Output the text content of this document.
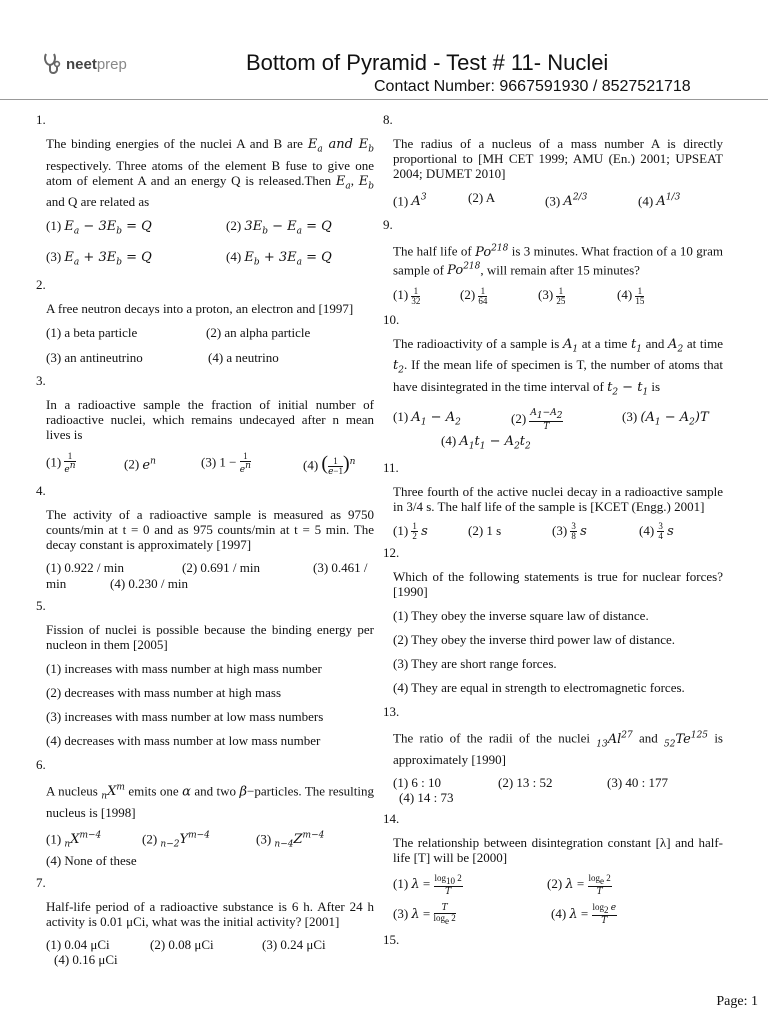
neetprep	Bottom of Pyramid - Test # 11- Nuclei
Contact Number: 9667591930 / 8527521718
1.
The binding energies of the nuclei A and B are $E_a$ and $E_b$ respectively. Three atoms of the element B fuse to give one atom of element A and an energy Q is released.Then $E_a$, $E_b$ and Q are related as
(1) $E_a - 3E_b = Q$	(2) $3E_b - E_a = Q$
(3) $E_a + 3E_b = Q$	(4) $E_b + 3E_a = Q$
2.
A free neutron decays into a proton, an electron and [1997]
(1) a beta particle	(2) an alpha particle
(3) an antineutrino	(4) a neutrino
3.
In a radioactive sample the fraction of initial number of radioactive nuclei, which remains undecayed after n mean lives is
$(1) \frac{1}{e^n}$	(2) $e^n$	(3) $1 - \frac{1}{e^n}$	(4) ( $\frac{1}{e-1} )^n$
4.
The activity of a radioactive sample is measured as 9750 counts/min at t = 0 and as 975 counts/min at t = 5 min. The decay constant is approximately [1997]
(1) 0.922 / min	(2) 0.691 / min	(3) 0.461 /
min	(4) 0.230 / min
5.
Fission of nuclei is possible because the binding energy per nucleon in them [2005]
(1) increases with mass number at high mass number
(2) decreases with mass number at high mass
(3) increases with mass number at low mass numbers
(4) decreases with mass number at low mass number
6.
A nucleus $_nX^m$ emits one α and two β−particles. The resulting nucleus is [1998]
(1) $_nX^{m-4}$	(2) $_{n-2}Y^{m-4}$	(3) $_{n-4}Z^{m-4}$
(4) None of these
7.
Half-life period of a radioactive substance is 6 h. After 24 h activity is 0.01 μCi, what was the initial activity? [2001]
(1) 0.04 μCi	(2) 0.08 μCi	(3) 0.24 μCi
(4) 0.16 μCi
8.
The radius of a nucleus of a mass number A is directly proportional to [MH CET 1999; AMU (En.) 2001; UPSEAT 2004; DUMET 2010]
(1) $A^3$	(2) A	(3) $A^{2/3}$	(4) $A^{1/3}$
9.
The half life of Po$^{218}$ is 3 minutes. What fraction of a 10 gram sample of Po$^{218}$, will remain after 15 minutes?
$(1) \frac{1}{32}$	$(2) \frac{1}{64}$	$(3) \frac{1}{25}$	$(4) \frac{1}{15}$
10.
The radioactivity of a sample is $A_1$ at a time $t_1$ and $A_2$ at time $t_2$. If the mean life of specimen is T, the number of atoms that have disintegrated in the time interval of $t_2 - t_1$ is
(1) $A_1 - A_2$	$(2) \frac{A_1-A_2}{T}$	(3) $(A_1 - A_2)T$
(4) $A_1t_1 - A_2t_2$
11.
Three fourth of the active nuclei decay in a radioactive sample in 3/4 s. The half life of the sample is [KCET (Engg.) 2001]
$(1) \frac{1}{2}$ s	(2) 1 s	$(3) \frac{3}{8}$ s	$(4) \frac{3}{4}$ s
12.
Which of the following statements is true for nuclear forces? [1990]
(1) They obey the inverse square law of distance.
(2) They obey the inverse third power law of distance.
(3) They are short range forces.
(4) They are equal in strength to electromagnetic forces.
13.
The ratio of the radii of the nuclei $_{13}Al^{27}$ and $_{52}Te^{125}$ is approximately [1990]
(1) 6 : 10	(2) 13 : 52	(3) 40 : 177
(4) 14 : 73
14.
The relationship between disintegration constant [λ] and half-life [T] will be [2000]
(1) $\lambda = \frac{\log_{10} 2}{T}$	(2) $\lambda = \frac{\log_e 2}{T}$
(3) $\lambda = \frac{T}{\log_e 2}$	(4) $\lambda = \frac{\log_2 e}{T}$
15.
Page: 1
